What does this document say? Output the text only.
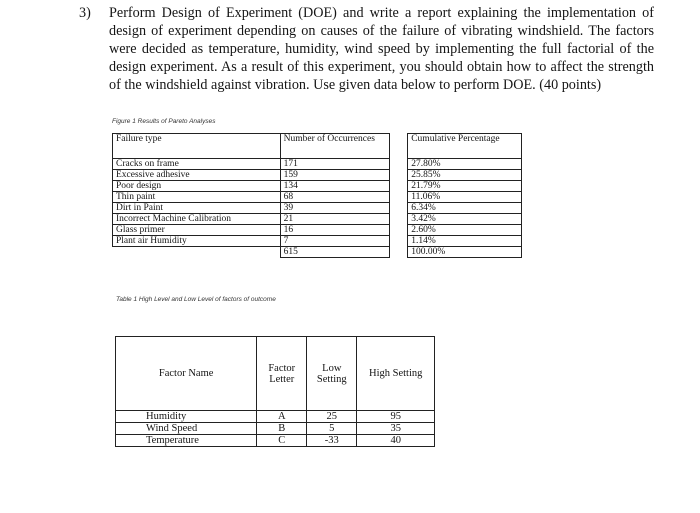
3) Perform Design of Experiment (DOE) and write a report explaining the implementation of design of experiment depending on causes of the failure of vibrating windshield. The factors were decided as temperature, humidity, wind speed by implementing the full factorial of the design experiment. As a result of this experiment, you should obtain how to affect the strength of the windshield against vibration. Use given data below to perform DOE. (40 points)

Figure 1 Results of Pareto Analyses
Failure type	Number of Occurrences		Cumulative Percentage
Cracks on frame	171		27.80%
Excessive adhesive	159		25.85%
Poor design	134		21.79%
Thin paint	68		11.06%
Dirt in Paint	39		6.34%
Incorrect Machine Calibration	21		3.42%
Glass primer	16		2.60%
Plant air Humidity	7		1.14%
	615		100.00%
Table 1 High Level and Low Level of factors of outcome
Factor Name	Factor Letter	Low Setting	High Setting
Humidity	A	25	95
Wind Speed	B	5	35
Temperature	C	-33	40
